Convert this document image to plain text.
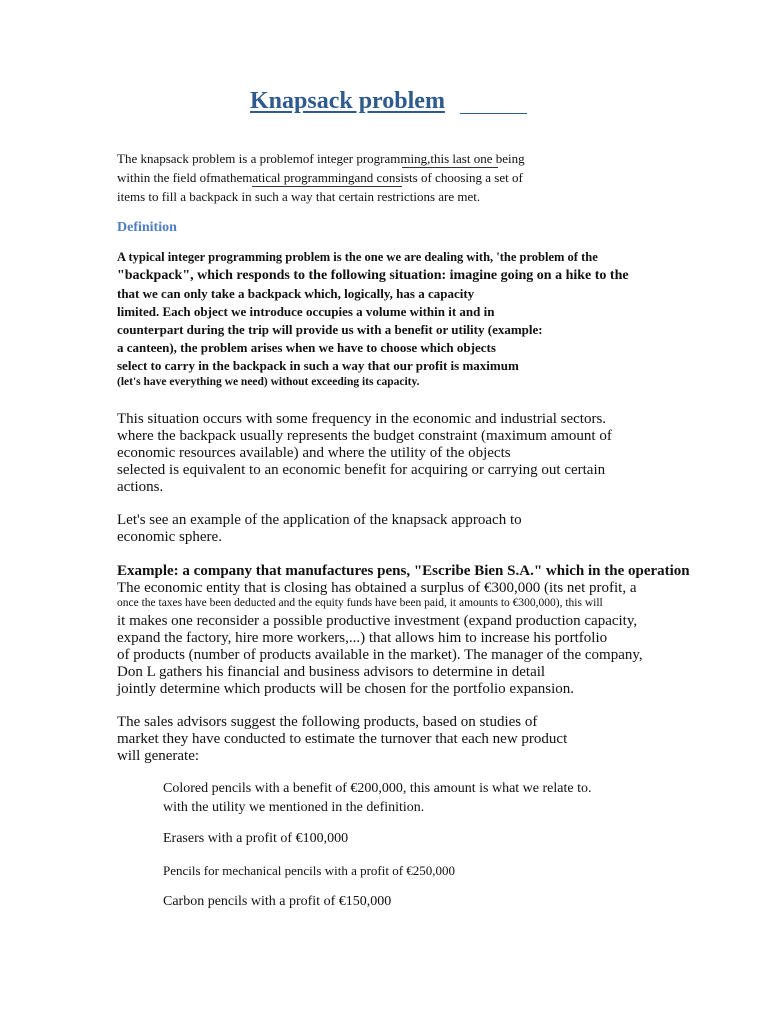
Knapsack problem
The knapsack problem is a problemof integer programming,this last one being
within the field ofmathematical programmingand consists of choosing a set of
items to fill a backpack in such a way that certain restrictions are met.
Definition
A typical integer programming problem is the one we are dealing with, 'the problem of the
"backpack", which responds to the following situation: imagine going on a hike to the
that we can only take a backpack which, logically, has a capacity
limited. Each object we introduce occupies a volume within it and in
counterpart during the trip will provide us with a benefit or utility (example:
a canteen), the problem arises when we have to choose which objects
select to carry in the backpack in such a way that our profit is maximum
(let's have everything we need) without exceeding its capacity.
This situation occurs with some frequency in the economic and industrial sectors.
where the backpack usually represents the budget constraint (maximum amount of
economic resources available) and where the utility of the objects
selected is equivalent to an economic benefit for acquiring or carrying out certain
actions.
Let's see an example of the application of the knapsack approach to
economic sphere.
Example: a company that manufactures pens, "Escribe Bien S.A." which in the operation
The economic entity that is closing has obtained a surplus of €300,000 (its net profit, a
once the taxes have been deducted and the equity funds have been paid, it amounts to €300,000), this will
it makes one reconsider a possible productive investment (expand production capacity,
expand the factory, hire more workers,...) that allows him to increase his portfolio
of products (number of products available in the market). The manager of the company,
Don L gathers his financial and business advisors to determine in detail
jointly determine which products will be chosen for the portfolio expansion.
The sales advisors suggest the following products, based on studies of
market they have conducted to estimate the turnover that each new product
will generate:
Colored pencils with a benefit of €200,000, this amount is what we relate to.
with the utility we mentioned in the definition.
Erasers with a profit of €100,000
Pencils for mechanical pencils with a profit of €250,000
Carbon pencils with a profit of €150,000
